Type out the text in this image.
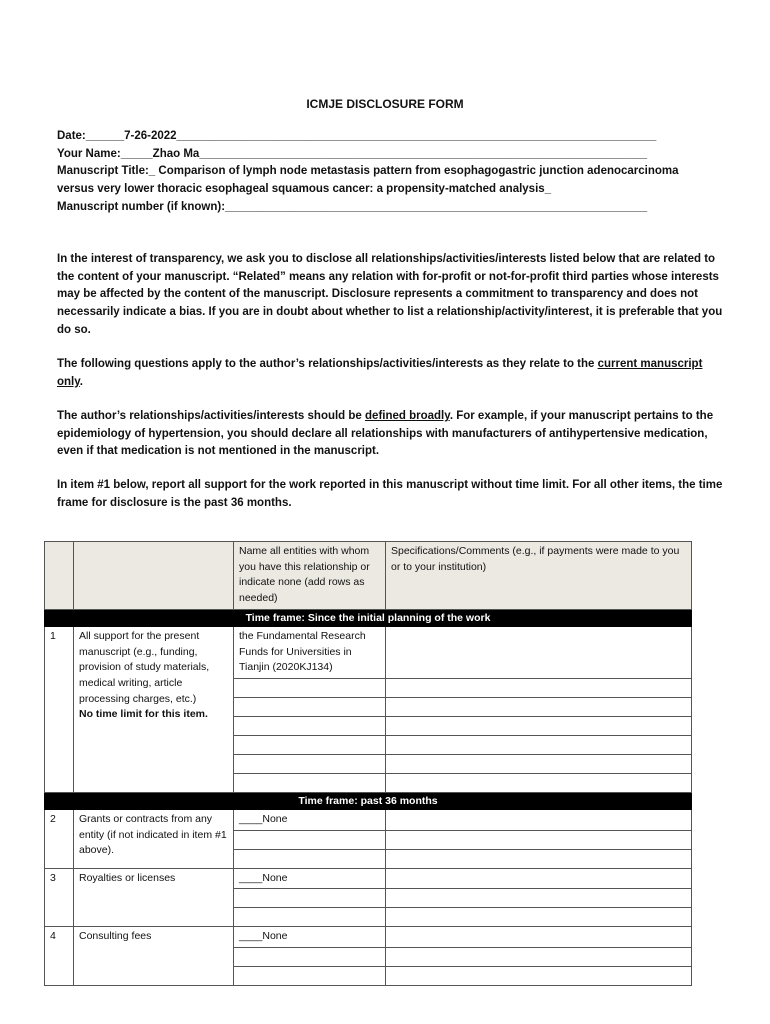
ICMJE DISCLOSURE FORM
Date:______7-26-2022___________________________________________________________________________
Your Name:_____Zhao Ma______________________________________________________________________
Manuscript Title:_ Comparison of lymph node metastasis pattern from esophagogastric junction adenocarcinoma
versus very lower thoracic esophageal squamous cancer: a propensity-matched analysis_
Manuscript number (if known):__________________________________________________________________
In the interest of transparency, we ask you to disclose all relationships/activities/interests listed below that are related to the content of your manuscript. “Related” means any relation with for-profit or not-for-profit third parties whose interests may be affected by the content of the manuscript. Disclosure represents a commitment to transparency and does not necessarily indicate a bias. If you are in doubt about whether to list a relationship/activity/interest, it is preferable that you do so.
The following questions apply to the author’s relationships/activities/interests as they relate to the current manuscript only.
The author’s relationships/activities/interests should be defined broadly. For example, if your manuscript pertains to the epidemiology of hypertension, you should declare all relationships with manufacturers of antihypertensive medication, even if that medication is not mentioned in the manuscript.
In item #1 below, report all support for the work reported in this manuscript without time limit. For all other items, the time frame for disclosure is the past 36 months.
		Name all entities with whom you have this relationship or indicate none (add rows as needed)	Specifications/Comments (e.g., if payments were made to you or to your institution)
Time frame: Since the initial planning of the work			
1	All support for the present manuscript (e.g., funding, provision of study materials, medical writing, article processing charges, etc.)
No time limit for this item.	the Fundamental Research Funds for Universities in Tianjin (2020KJ134)	

Time frame: past 36 months			
2	Grants or contracts from any entity (if not indicated in item #1 above).	____None	

3	Royalties or licenses	____None	

4	Consulting fees	____None	
